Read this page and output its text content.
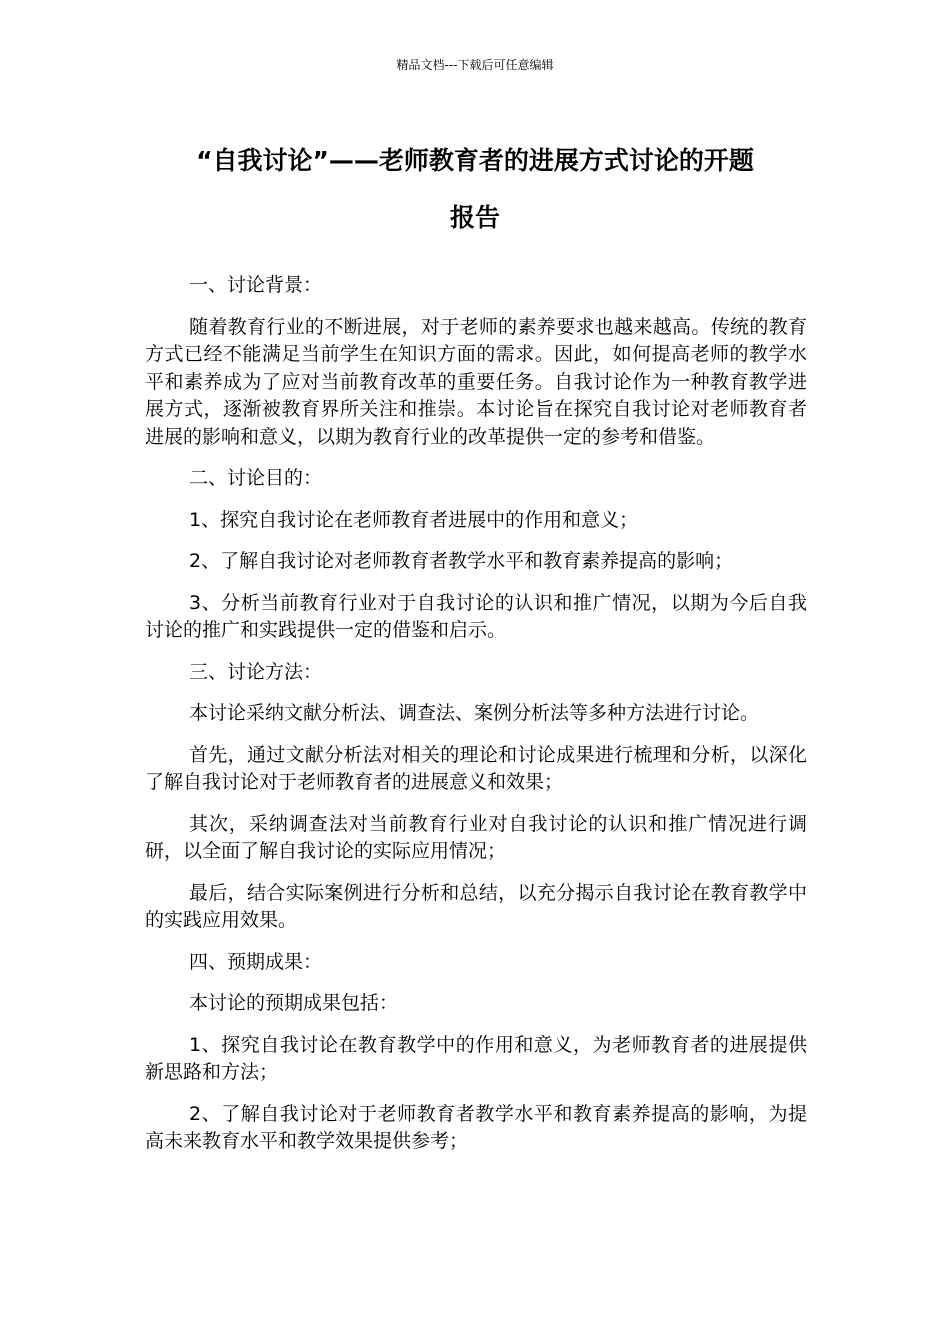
精品文档---下载后可任意编辑
“自我讨论”——老师教育者的进展方式讨论的开题
报告

一、讨论背景：

随着教育行业的不断进展，对于老师的素养要求也越来越高。传统的教育方式已经不能满足当前学生在知识方面的需求。因此，如何提高老师的教学水平和素养成为了应对当前教育改革的重要任务。自我讨论作为一种教育教学进展方式，逐渐被教育界所关注和推崇。本讨论旨在探究自我讨论对老师教育者进展的影响和意义，以期为教育行业的改革提供一定的参考和借鉴。

二、讨论目的：

1、探究自我讨论在老师教育者进展中的作用和意义；

2、了解自我讨论对老师教育者教学水平和教育素养提高的影响；

3、分析当前教育行业对于自我讨论的认识和推广情况，以期为今后自我讨论的推广和实践提供一定的借鉴和启示。

三、讨论方法：

本讨论采纳文献分析法、调查法、案例分析法等多种方法进行讨论。

首先，通过文献分析法对相关的理论和讨论成果进行梳理和分析，以深化了解自我讨论对于老师教育者的进展意义和效果；

其次，采纳调查法对当前教育行业对自我讨论的认识和推广情况进行调研，以全面了解自我讨论的实际应用情况；

最后，结合实际案例进行分析和总结，以充分揭示自我讨论在教育教学中的实践应用效果。

四、预期成果：

本讨论的预期成果包括：

1、探究自我讨论在教育教学中的作用和意义，为老师教育者的进展提供新思路和方法；

2、了解自我讨论对于老师教育者教学水平和教育素养提高的影响，为提高未来教育水平和教学效果提供参考；
